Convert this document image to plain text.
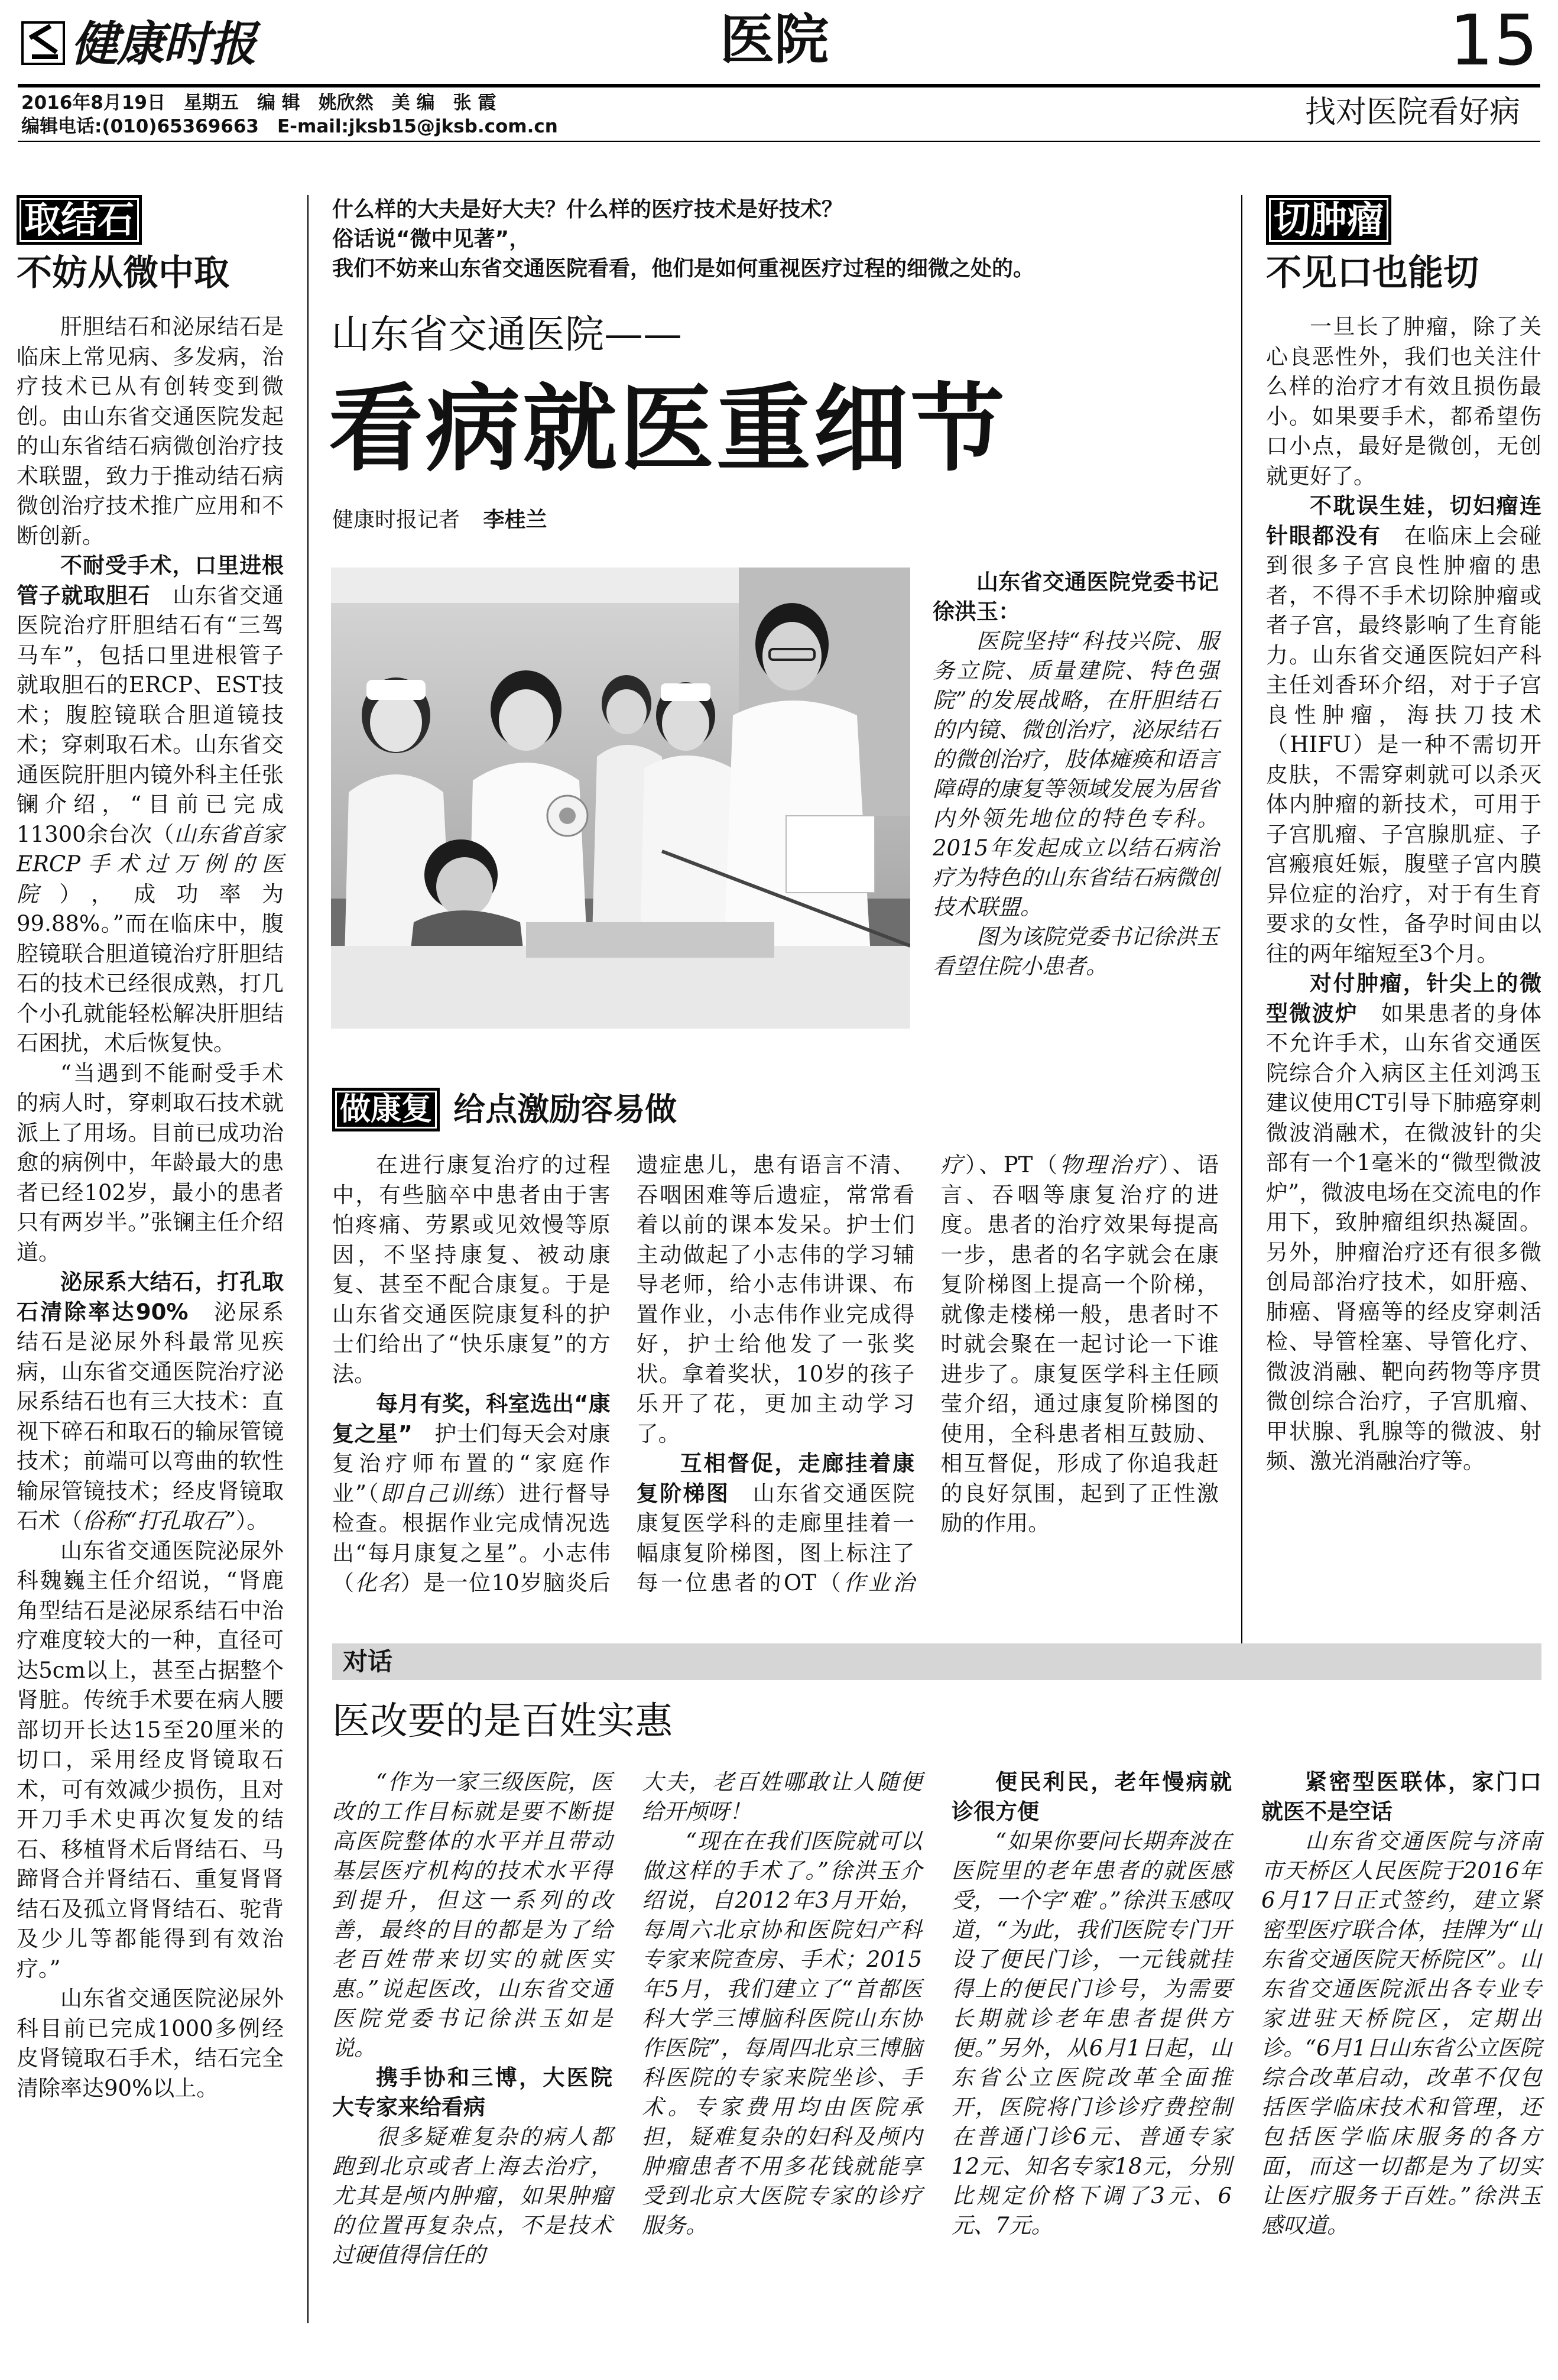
健康时报	医院	15
2016年8月19日　星期五　编 辑　姚欣然　美 编　张 霞
编辑电话:(010)65369663　E-mail:jksb15@jksb.com.cn	找对医院看好病
取结石
不妨从微中取

肝胆结石和泌尿结石是临床上常见病、多发病，治疗技术已从有创转变到微创。由山东省交通医院发起的山东省结石病微创治疗技术联盟，致力于推动结石病微创治疗技术推广应用和不断创新。

不耐受手术，口里进根管子就取胆石　山东省交通医院治疗肝胆结石有“三驾马车”，包括口里进根管子就取胆石的ERCP、EST技术；腹腔镜联合胆道镜技术；穿刺取石术。山东省交通医院肝胆内镜外科主任张镧介绍，“目前已完成11300余台次（山东省首家ERCP手术过万例的医院），成功率为99.88%。”而在临床中，腹腔镜联合胆道镜治疗肝胆结石的技术已经很成熟，打几个小孔就能轻松解决肝胆结石困扰，术后恢复快。

“当遇到不能耐受手术的病人时，穿刺取石技术就派上了用场。目前已成功治愈的病例中，年龄最大的患者已经102岁，最小的患者只有两岁半。”张镧主任介绍道。

泌尿系大结石，打孔取石清除率达90%　泌尿系结石是泌尿外科最常见疾病，山东省交通医院治疗泌尿系结石也有三大技术：直视下碎石和取石的输尿管镜技术；前端可以弯曲的软性输尿管镜技术；经皮肾镜取石术（俗称“打孔取石”）。

山东省交通医院泌尿外科魏巍主任介绍说，“肾鹿角型结石是泌尿系结石中治疗难度较大的一种，直径可达5cm以上，甚至占据整个肾脏。传统手术要在病人腰部切开长达15至20厘米的切口，采用经皮肾镜取石术，可有效减少损伤，且对开刀手术史再次复发的结石、移植肾术后肾结石、马蹄肾合并肾结石、重复肾肾结石及孤立肾肾结石、驼背及少儿等都能得到有效治疗。”

山东省交通医院泌尿外科目前已完成1000多例经皮肾镜取石手术，结石完全清除率达90%以上。

什么样的大夫是好大夫？什么样的医疗技术是好技术？
俗话说“微中见著”，
我们不妨来山东省交通医院看看，他们是如何重视医疗过程的细微之处的。
山东省交通医院——
看病就医重细节
健康时报记者 李桂兰
山东省交通医院党委书记徐洪玉：

医院坚持“科技兴院、服务立院、质量建院、特色强院”的发展战略，在肝胆结石的内镜、微创治疗，泌尿结石的微创治疗，肢体瘫痪和语言障碍的康复等领域发展为居省内外领先地位的特色专科。2015年发起成立以结石病治疗为特色的山东省结石病微创技术联盟。

图为该院党委书记徐洪玉看望住院小患者。

做康复 给点激励容易做

在进行康复治疗的过程中，有些脑卒中患者由于害怕疼痛、劳累或见效慢等原因，不坚持康复、被动康复、甚至不配合康复。于是山东省交通医院康复科的护士们给出了“快乐康复”的方法。

每月有奖，科室选出“康复之星”　护士们每天会对康复治疗师布置的“家庭作业”（即自己训练）进行督导检查。根据作业完成情况选出“每月康复之星”。小志伟（化名）是一位10岁脑炎后遗症患儿，患有语言不清、吞咽困难等后遗症，常常看着以前的课本发呆。护士们主动做起了小志伟的学习辅导老师，给小志伟讲课、布置作业，小志伟作业完成得好，护士给他发了一张奖状。拿着奖状，10岁的孩子乐开了花，更加主动学习了。

互相督促，走廊挂着康复阶梯图　山东省交通医院康复医学科的走廊里挂着一幅康复阶梯图，图上标注了每一位患者的OT（作业治疗）、PT（物理治疗）、语言、吞咽等康复治疗的进度。患者的治疗效果每提高一步，患者的名字就会在康复阶梯图上提高一个阶梯，就像走楼梯一般，患者时不时就会聚在一起讨论一下谁进步了。康复医学科主任顾莹介绍，通过康复阶梯图的使用，全科患者相互鼓励、相互督促，形成了你追我赶的良好氛围，起到了正性激励的作用。

切肿瘤
不见口也能切

一旦长了肿瘤，除了关心良恶性外，我们也关注什么样的治疗才有效且损伤最小。如果要手术，都希望伤口小点，最好是微创，无创就更好了。

不耽误生娃，切妇瘤连针眼都没有　在临床上会碰到很多子宫良性肿瘤的患者，不得不手术切除肿瘤或者子宫，最终影响了生育能力。山东省交通医院妇产科主任刘香环介绍，对于子宫良性肿瘤，海扶刀技术（HIFU）是一种不需切开皮肤，不需穿刺就可以杀灭体内肿瘤的新技术，可用于子宫肌瘤、子宫腺肌症、子宫瘢痕妊娠，腹壁子宫内膜异位症的治疗，对于有生育要求的女性，备孕时间由以往的两年缩短至3个月。

对付肿瘤，针尖上的微型微波炉　如果患者的身体不允许手术，山东省交通医院综合介入病区主任刘鸿玉建议使用CT引导下肺癌穿刺微波消融术，在微波针的尖部有一个1毫米的“微型微波炉”，微波电场在交流电的作用下，致肿瘤组织热凝固。另外，肿瘤治疗还有很多微创局部治疗技术，如肝癌、肺癌、肾癌等的经皮穿刺活检、导管栓塞、导管化疗、微波消融、靶向药物等序贯微创综合治疗，子宫肌瘤、甲状腺、乳腺等的微波、射频、激光消融治疗等。

对话
医改要的是百姓实惠

“作为一家三级医院，医改的工作目标就是要不断提高医院整体的水平并且带动基层医疗机构的技术水平得到提升，但这一系列的改善，最终的目的都是为了给老百姓带来切实的就医实惠。”说起医改，山东省交通医院党委书记徐洪玉如是说。

携手协和三博，大医院大专家来给看病

很多疑难复杂的病人都跑到北京或者上海去治疗，尤其是颅内肿瘤，如果肿瘤的位置再复杂点，不是技术过硬值得信任的

大夫，老百姓哪敢让人随便给开颅呀！

“现在在我们医院就可以做这样的手术了。”徐洪玉介绍说，自2012年3月开始，每周六北京协和医院妇产科专家来院查房、手术；2015年5月，我们建立了“首都医科大学三博脑科医院山东协作医院”，每周四北京三博脑科医院的专家来院坐诊、手术。专家费用均由医院承担，疑难复杂的妇科及颅内肿瘤患者不用多花钱就能享受到北京大医院专家的诊疗服务。

便民利民，老年慢病就诊很方便

“如果你要问长期奔波在医院里的老年患者的就医感受，一个字‘难’。”徐洪玉感叹道，“为此，我们医院专门开设了便民门诊，一元钱就挂得上的便民门诊号，为需要长期就诊老年患者提供方便。”另外，从6月1日起，山东省公立医院改革全面推开，医院将门诊诊疗费控制在普通门诊6元、普通专家12元、知名专家18元，分别比规定价格下调了3元、6元、7元。

紧密型医联体，家门口就医不是空话

山东省交通医院与济南市天桥区人民医院于2016年6月17日正式签约，建立紧密型医疗联合体，挂牌为“山东省交通医院天桥院区”。山东省交通医院派出各专业专家进驻天桥院区，定期出诊。“6月1日山东省公立医院综合改革启动，改革不仅包括医学临床技术和管理，还包括医学临床服务的各方面，而这一切都是为了切实让医疗服务于百姓。”徐洪玉感叹道。
